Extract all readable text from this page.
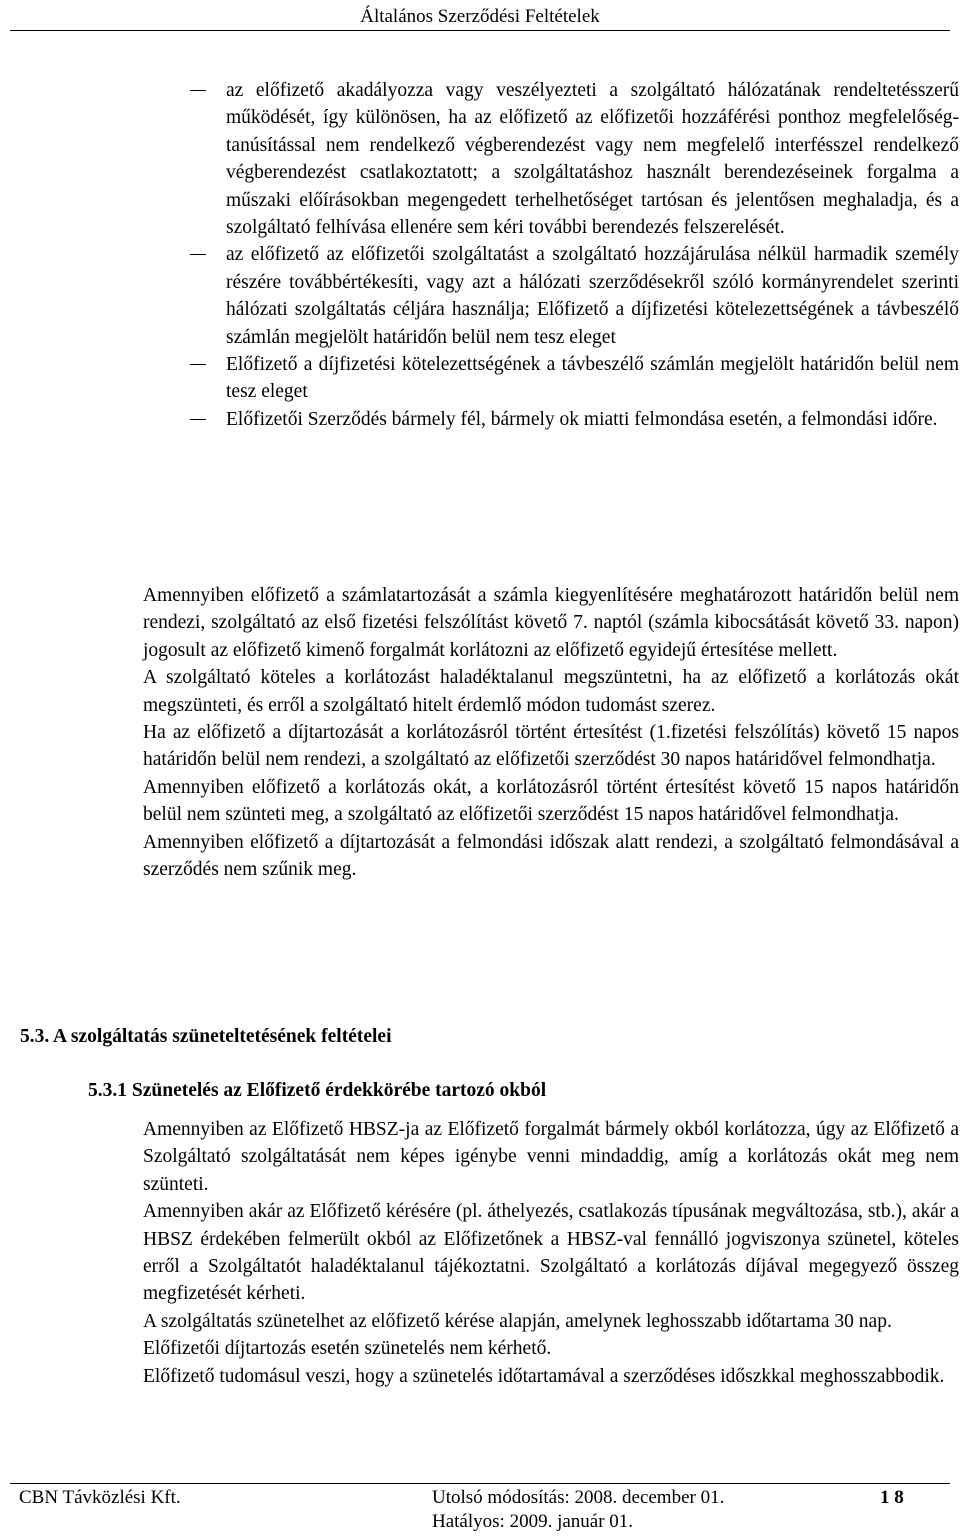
Általános Szerződési Feltételek

az előfizető akadályozza vagy veszélyezteti a szolgáltató hálózatának rendeltetésszerű működését, így különösen, ha az előfizető az előfizetői hozzáférési ponthoz megfelelőség-tanúsítással nem rendelkező végberendezést vagy nem megfelelő interfésszel rendelkező végberendezést csatlakoztatott; a szolgáltatáshoz használt berendezéseinek forgalma a műszaki előírásokban megengedett terhelhetőséget tartósan és jelentősen meghaladja, és a szolgáltató felhívása ellenére sem kéri további berendezés felszerelését.

az előfizető az előfizetői szolgáltatást a szolgáltató hozzájárulása nélkül harmadik személy részére továbbértékesíti, vagy azt a hálózati szerződésekről szóló kormányrendelet szerinti hálózati szolgáltatás céljára használja; Előfizető a díjfizetési kötelezettségének a távbeszélő számlán megjelölt határidőn belül nem tesz eleget

Előfizető a díjfizetési kötelezettségének a távbeszélő számlán megjelölt határidőn belül nem tesz eleget

Előfizetői Szerződés bármely fél, bármely ok miatti felmondása esetén, a felmondási időre.

Amennyiben előfizető a számlatartozását a számla kiegyenlítésére meghatározott határidőn belül nem rendezi, szolgáltató az első fizetési felszólítást követő 7. naptól (számla kibocsátását követő 33. napon) jogosult az előfizető kimenő forgalmát korlátozni az előfizető egyidejű értesítése mellett.

A szolgáltató köteles a korlátozást haladéktalanul megszüntetni, ha az előfizető a korlátozás okát megszünteti, és erről a szolgáltató hitelt érdemlő módon tudomást szerez.

Ha az előfizető a díjtartozását a korlátozásról történt értesítést (1.fizetési felszólítás) követő 15 napos határidőn belül nem rendezi, a szolgáltató az előfizetői szerződést 30 napos határidővel felmondhatja.

Amennyiben előfizető a korlátozás okát, a korlátozásról történt értesítést követő 15 napos határidőn belül nem szünteti meg, a szolgáltató az előfizetői szerződést 15 napos határidővel felmondhatja.

Amennyiben előfizető a díjtartozását a felmondási időszak alatt rendezi, a szolgáltató felmondásával a szerződés nem szűnik meg.

5.3. A szolgáltatás szüneteltetésének feltételei
5.3.1 Szünetelés az Előfizető érdekkörébe tartozó okból

Amennyiben az Előfizető HBSZ-ja az Előfizető forgalmát bármely okból korlátozza, úgy az Előfizető a Szolgáltató szolgáltatását nem képes igénybe venni mindaddig, amíg a korlátozás okát meg nem szünteti.

Amennyiben akár az Előfizető kérésére (pl. áthelyezés, csatlakozás típusának megváltozása, stb.), akár a HBSZ érdekében felmerült okból az Előfizetőnek a HBSZ-val fennálló jogviszonya szünetel, köteles erről a Szolgáltatót haladéktalanul tájékoztatni. Szolgáltató a korlátozás díjával megegyező összeg megfizetését kérheti.

A szolgáltatás szünetelhet az előfizető kérése alapján, amelynek leghosszabb időtartama 30 nap.

Előfizetői díjtartozás esetén szünetelés nem kérhető.

Előfizető tudomásul veszi, hogy a szünetelés időtartamával a szerződéses időszkkal meghosszabbodik.

CBN Távközlési Kft.	Utolsó módosítás: 2008. december 01.	1 8
Hatályos: 2009. január 01.
